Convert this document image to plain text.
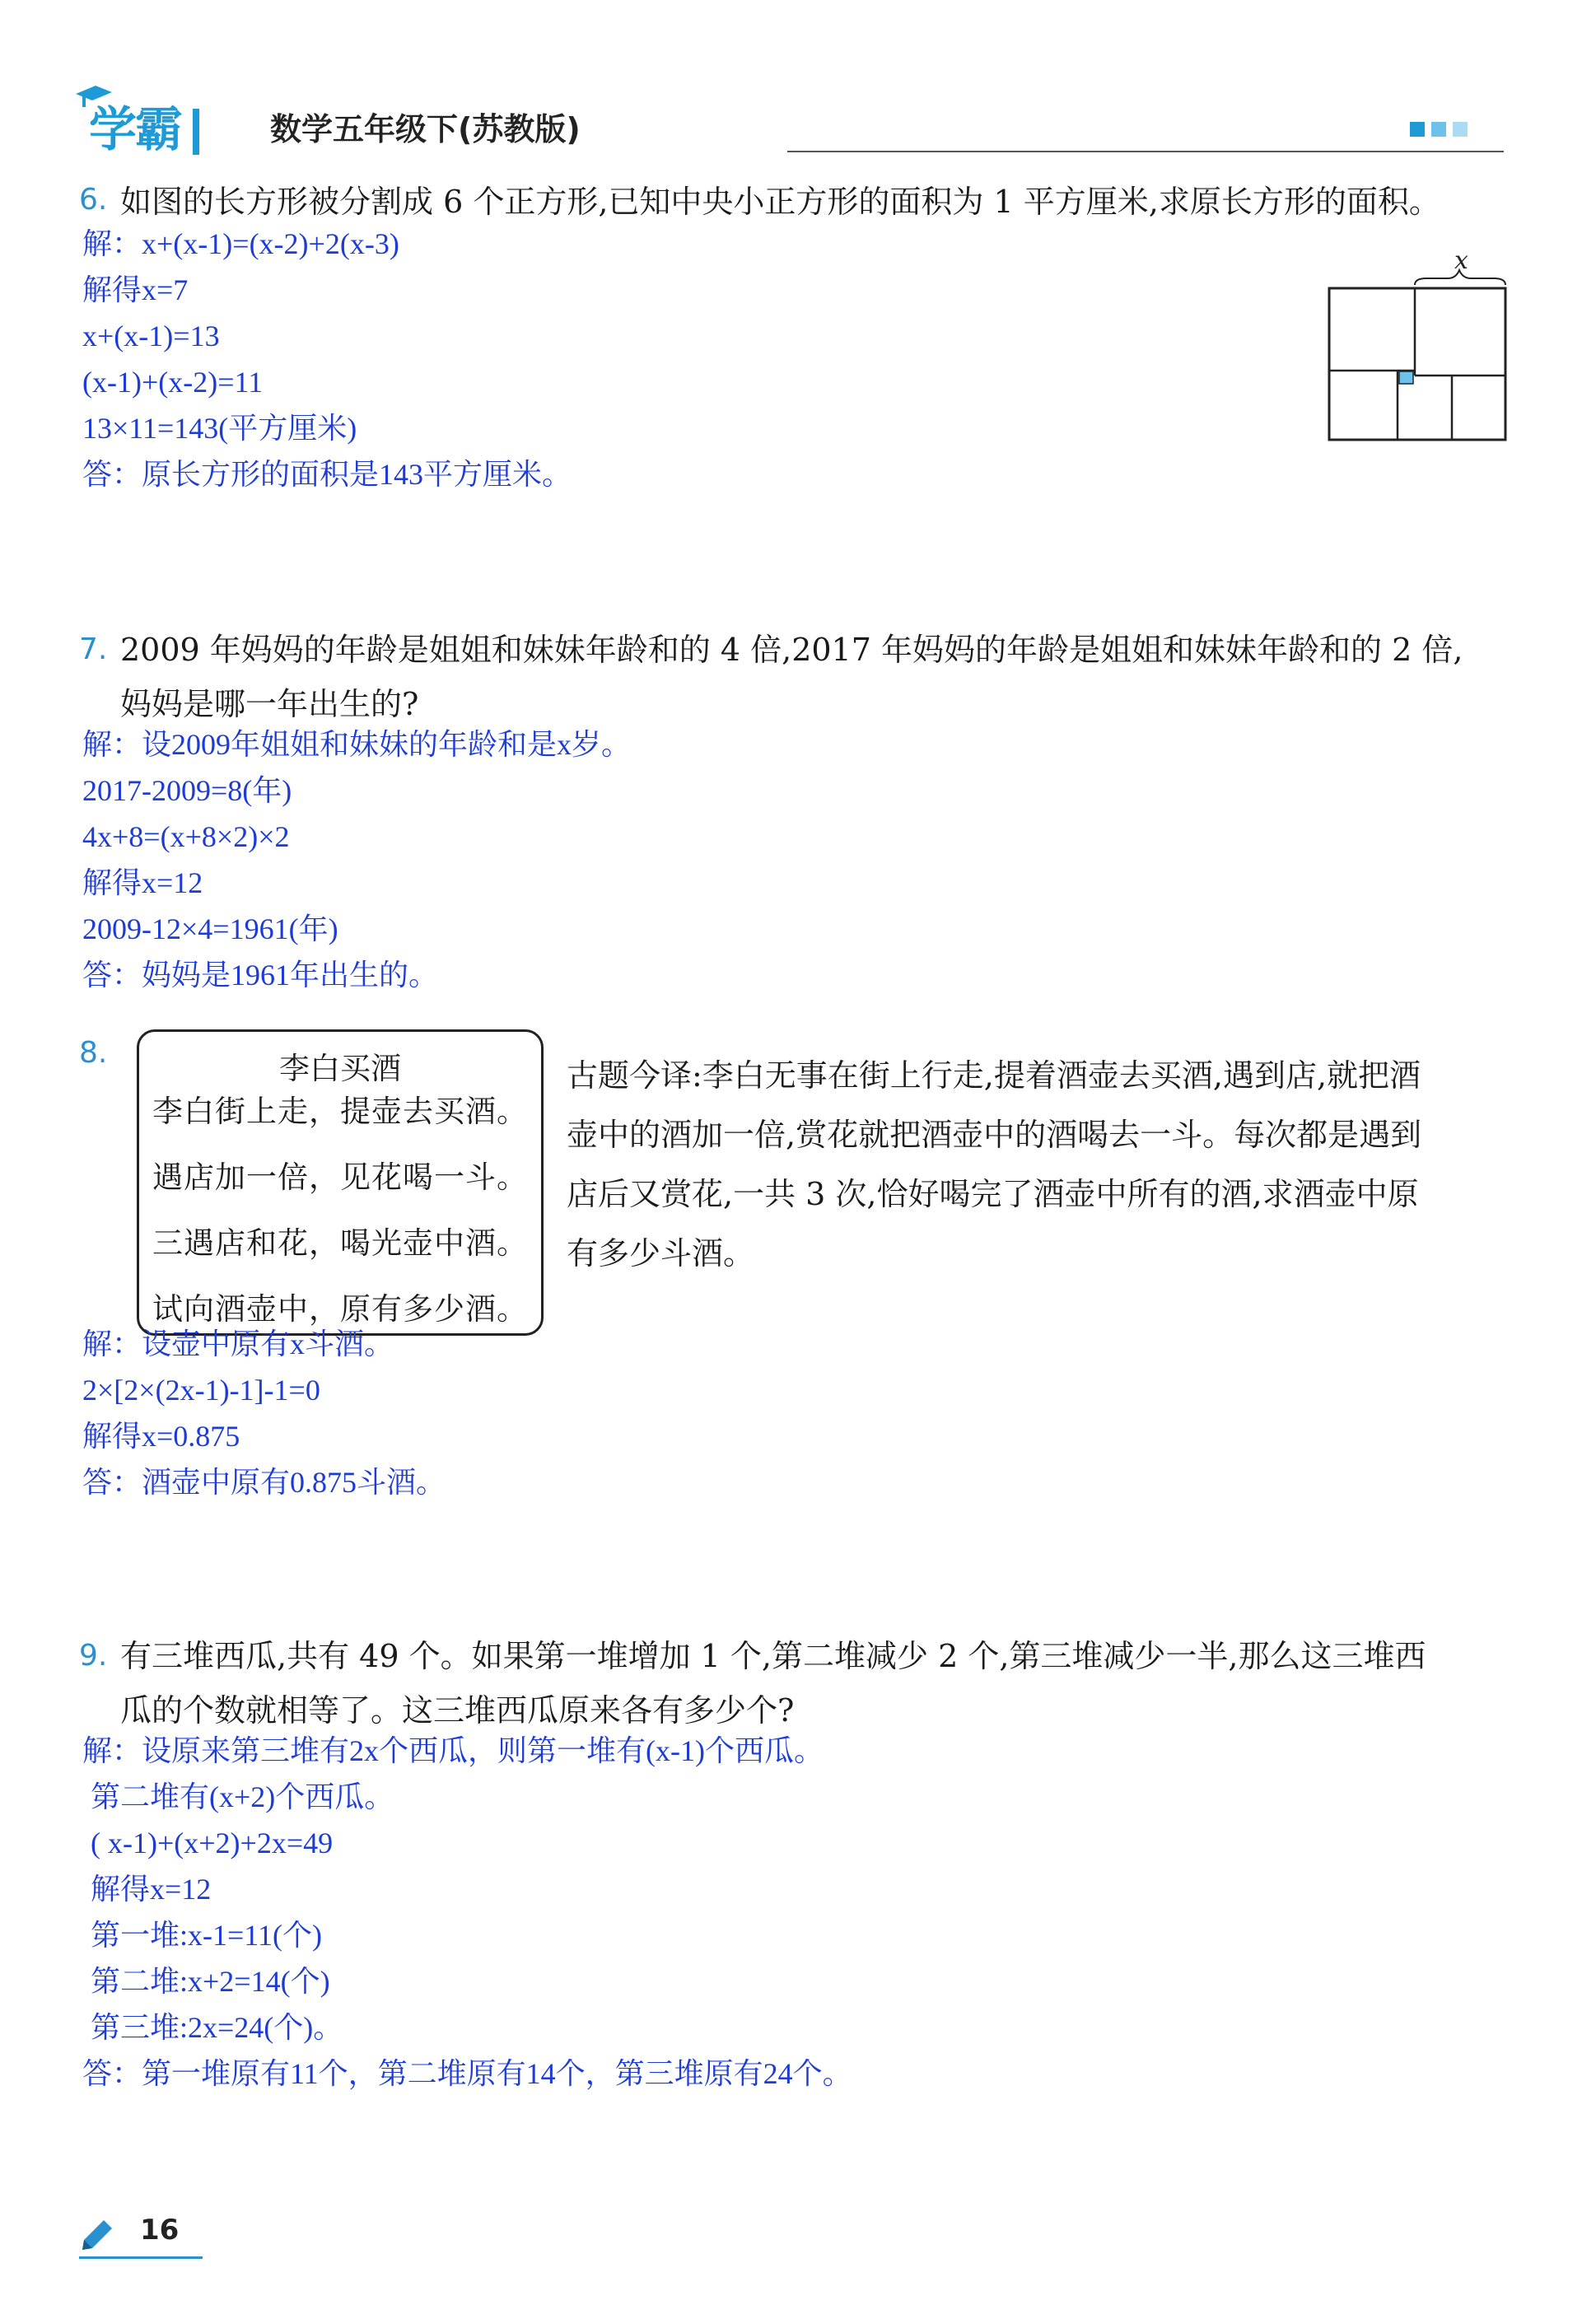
学霸	数学五年级下(苏教版)
6. 如图的长方形被分割成 6 个正方形,已知中央小正方形的面积为 1 平方厘米,求原长方形的面积。
解：x+(x-1)=(x-2)+2(x-3)
解得x=7
x+(x-1)=13
(x-1)+(x-2)=11
13×11=143(平方厘米)
答：原长方形的面积是143平方厘米。
x
7. 2009 年妈妈的年龄是姐姐和妹妹年龄和的 4 倍,2017 年妈妈的年龄是姐姐和妹妹年龄和的 2 倍,
妈妈是哪一年出生的?
解：设2009年姐姐和妹妹的年龄和是x岁。
2017-2009=8(年)
4x+8=(x+8×2)×2
解得x=12
2009-12×4=1961(年)
答：妈妈是1961年出生的。
8.	李白买酒
李白街上走，提壶去买酒。
遇店加一倍，见花喝一斗。
三遇店和花，喝光壶中酒。
试向酒壶中，原有多少酒。
古题今译:李白无事在街上行走,提着酒壶去买酒,遇到店,就把酒
壶中的酒加一倍,赏花就把酒壶中的酒喝去一斗。每次都是遇到
店后又赏花,一共 3 次,恰好喝完了酒壶中所有的酒,求酒壶中原
有多少斗酒。
解：设壶中原有x斗酒。
2×[2×(2x-1)-1]-1=0
解得x=0.875
答：酒壶中原有0.875斗酒。
9. 有三堆西瓜,共有 49 个。如果第一堆增加 1 个,第二堆减少 2 个,第三堆减少一半,那么这三堆西
瓜的个数就相等了。这三堆西瓜原来各有多少个?
解：设原来第三堆有2x个西瓜，则第一堆有(x-1)个西瓜。
第二堆有(x+2)个西瓜。
( x-1)+(x+2)+2x=49
解得x=12
第一堆:x-1=11(个)
第二堆:x+2=14(个)
第三堆:2x=24(个)。
答：第一堆原有11个，第二堆原有14个，第三堆原有24个。
16
